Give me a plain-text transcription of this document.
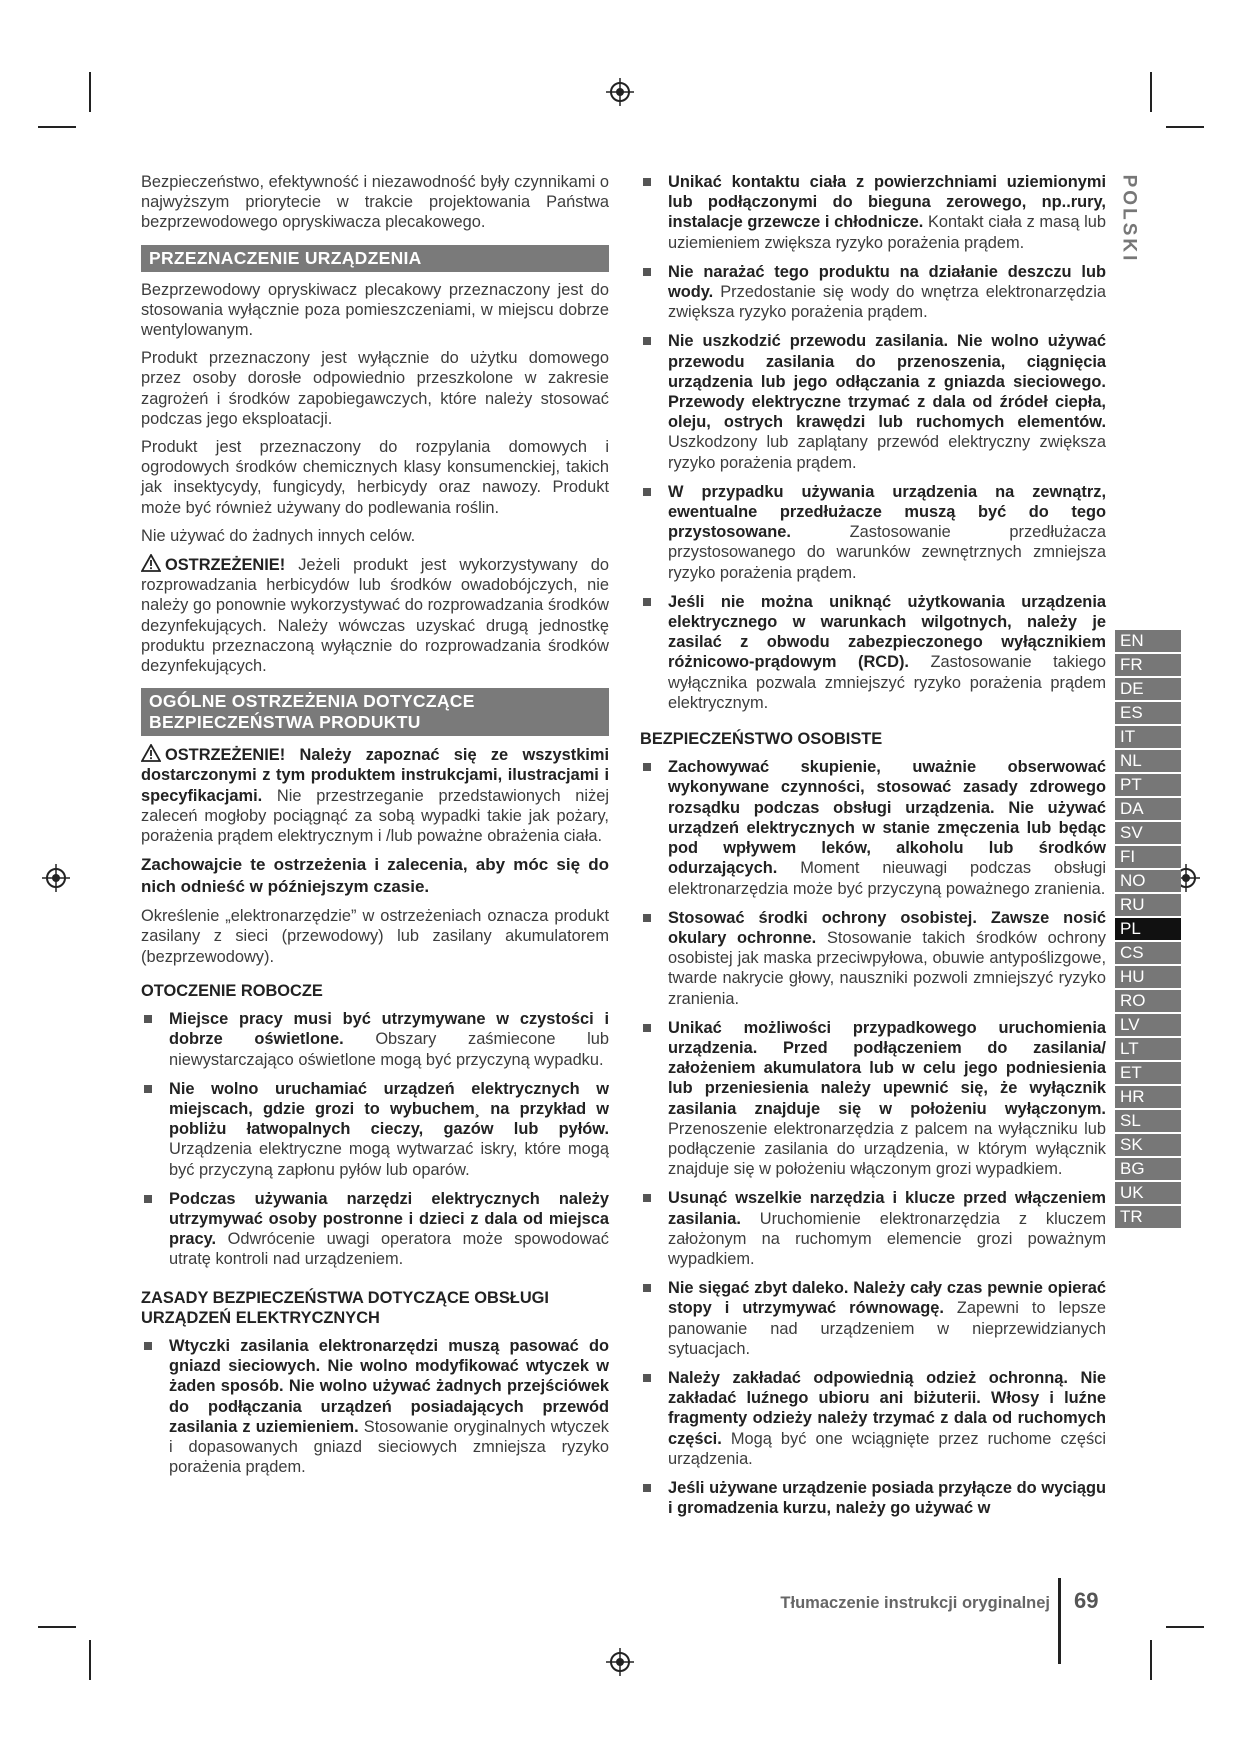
Bezpieczeństwo, efektywność i niezawodność były czynnikami o najwyższym priorytecie w trakcie projektowania Państwa bezprzewodowego opryskiwacza plecakowego.

PRZEZNACZENIE URZĄDZENIA

Bezprzewodowy opryskiwacz plecakowy przeznaczony jest do stosowania wyłącznie poza pomieszczeniami, w miejscu dobrze wentylowanym.

Produkt przeznaczony jest wyłącznie do użytku domowego przez osoby dorosłe odpowiednio przeszkolone w zakresie zagrożeń i środków zapobiegawczych, które należy stosować podczas jego eksploatacji.

Produkt jest przeznaczony do rozpylania domowych i ogrodowych środków chemicznych klasy konsumenckiej, takich jak insektycydy, fungicydy, herbicydy oraz nawozy. Produkt może być również używany do podlewania roślin.

Nie używać do żadnych innych celów.

OSTRZEŻENIE! Jeżeli produkt jest wykorzystywany do rozprowadzania herbicydów lub środków owadobójczych, nie należy go ponownie wykorzystywać do rozprowadzania środków dezynfekujących. Należy wówczas uzyskać drugą jednostkę produktu przeznaczoną wyłącznie do rozprowadzania środków dezynfekujących.

OGÓLNE OSTRZEŻENIA DOTYCZĄCE
BEZPIECZEŃSTWA PRODUKTU

OSTRZEŻENIE! Należy zapoznać się ze wszystkimi dostarczonymi z tym produktem instrukcjami, ilustracjami i specyfikacjami. Nie przestrzeganie przedstawionych niżej zaleceń mogłoby pociągnąć za sobą wypadki takie jak pożary, porażenia prądem elektrycznym i /lub poważne obrażenia ciała.

Zachowajcie te ostrzeżenia i zalecenia, aby móc się do nich odnieść w późniejszym czasie.

Określenie „elektronarzędzie” w ostrzeżeniach oznacza produkt zasilany z sieci (przewodowy) lub zasilany akumulatorem (bezprzewodowy).

OTOCZENIE ROBOCZE
Miejsce pracy musi być utrzymywane w czystości i dobrze oświetlone. Obszary zaśmiecone lub niewystarczająco oświetlone mogą być przyczyną wypadku.
Nie wolno uruchamiać urządzeń elektrycznych w miejscach, gdzie grozi to wybuchem¸ na przykład w pobliżu łatwopalnych cieczy, gazów lub pyłów. Urządzenia elektryczne mogą wytwarzać iskry, które mogą być przyczyną zapłonu pyłów lub oparów.
Podczas używania narzędzi elektrycznych należy utrzymywać osoby postronne i dzieci z dala od miejsca pracy. Odwrócenie uwagi operatora może spowodować utratę kontroli nad urządzeniem.
ZASADY BEZPIECZEŃSTWA DOTYCZĄCE OBSŁUGI URZĄDZEŃ ELEKTRYCZNYCH
Wtyczki zasilania elektronarzędzi muszą pasować do gniazd sieciowych. Nie wolno modyfikować wtyczek w żaden sposób. Nie wolno używać żadnych przejściówek do podłączania urządzeń posiadających przewód zasilania z uziemieniem. Stosowanie oryginalnych wtyczek i dopasowanych gniazd sieciowych zmniejsza ryzyko porażenia prądem.
Unikać kontaktu ciała z powierzchniami uziemionymi lub podłączonymi do bieguna zerowego, np..rury, instalacje grzewcze i chłodnicze. Kontakt ciała z masą lub uziemieniem zwiększa ryzyko porażenia prądem.
Nie narażać tego produktu na działanie deszczu lub wody. Przedostanie się wody do wnętrza elektronarzędzia zwiększa ryzyko porażenia prądem.
Nie uszkodzić przewodu zasilania. Nie wolno używać przewodu zasilania do przenoszenia, ciągnięcia urządzenia lub jego odłączania z gniazda sieciowego. Przewody elektryczne trzymać z dala od źródeł ciepła, oleju, ostrych krawędzi lub ruchomych elementów. Uszkodzony lub zaplątany przewód elektryczny zwiększa ryzyko porażenia prądem.
W przypadku używania urządzenia na zewnątrz, ewentualne przedłużacze muszą być do tego przystosowane.	Zastosowanie przedłużacza przystosowanego do warunków zewnętrznych zmniejsza ryzyko porażenia prądem.
Jeśli nie można uniknąć użytkowania urządzenia elektrycznego w warunkach wilgotnych, należy je zasilać z obwodu zabezpieczonego wyłącznikiem różnicowo-prądowym (RCD). Zastosowanie takiego wyłącznika pozwala zmniejszyć ryzyko porażenia prądem elektrycznym.
BEZPIECZEŃSTWO OSOBISTE
Zachowywać skupienie, uważnie obserwować wykonywane czynności, stosować zasady zdrowego rozsądku podczas obsługi urządzenia. Nie używać urządzeń elektrycznych w stanie zmęczenia lub będąc pod wpływem leków, alkoholu lub środków odurzających. Moment nieuwagi podczas obsługi elektronarzędzia może być przyczyną poważnego zranienia.
Stosować środki ochrony osobistej. Zawsze nosić okulary ochronne. Stosowanie takich środków ochrony osobistej jak maska przeciwpyłowa, obuwie antypoślizgowe, twarde nakrycie głowy, nauszniki pozwoli zmniejszyć ryzyko zranienia.
Unikać możliwości przypadkowego uruchomienia urządzenia. Przed podłączeniem do zasilania/ założeniem akumulatora lub w celu jego podniesienia lub przeniesienia należy upewnić się, że wyłącznik zasilania znajduje się w położeniu wyłączonym. Przenoszenie elektronarzędzia z palcem na wyłączniku lub podłączenie zasilania do urządzenia, w którym wyłącznik znajduje się w położeniu włączonym grozi wypadkiem.
Usunąć wszelkie narzędzia i klucze przed włączeniem zasilania. Uruchomienie elektronarzędzia z kluczem założonym na ruchomym elemencie grozi poważnym wypadkiem.
Nie sięgać zbyt daleko. Należy cały czas pewnie opierać stopy i utrzymywać równowagę. Zapewni to lepsze panowanie nad urządzeniem w nieprzewidzianych sytuacjach.
Należy zakładać odpowiednią odzież ochronną. Nie zakładać luźnego ubioru ani biżuterii. Włosy i luźne fragmenty odzieży należy trzymać z dala od ruchomych części. Mogą być one wciągnięte przez ruchome części urządzenia.
Jeśli używane urządzenie posiada przyłącze do wyciągu i gromadzenia kurzu, należy go używać w
POLSKI
EN
FR
DE
ES
IT
NL
PT
DA
SV
FI
NO
RU
PL
CS
HU
RO
LV
LT
ET
HR
SL
SK
BG
UK
TR
Tłumaczenie instrukcji oryginalnej 69
